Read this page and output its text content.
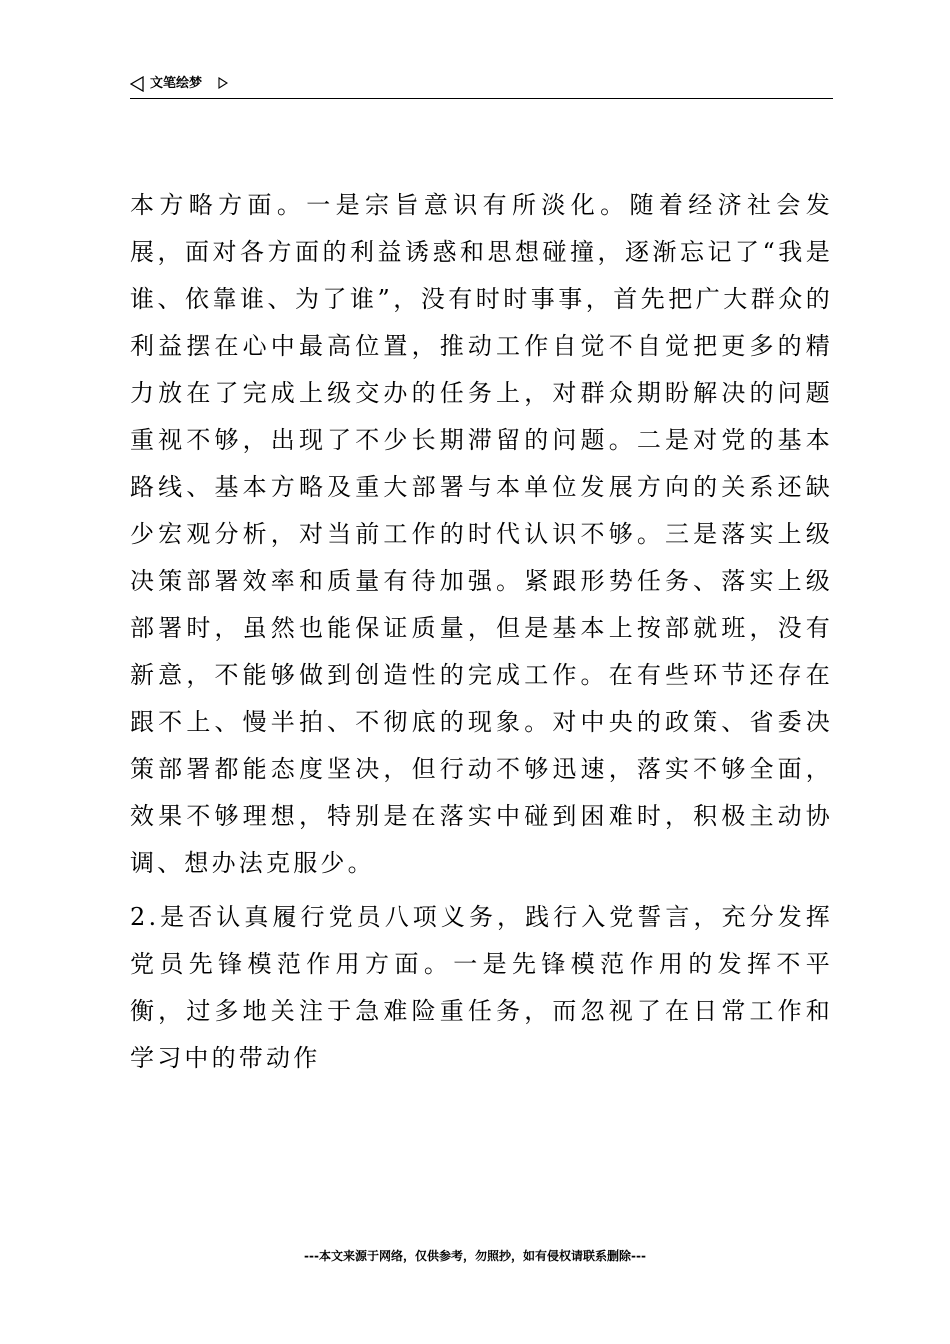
文笔绘梦

本方略方面。一是宗旨意识有所淡化。随着经济社会发展，面对各方面的利益诱惑和思想碰撞，逐渐忘记了“我是谁、依靠谁、为了谁”，没有时时事事，首先把广大群众的利益摆在心中最高位置，推动工作自觉不自觉把更多的精力放在了完成上级交办的任务上，对群众期盼解决的问题重视不够，出现了不少长期滞留的问题。二是对党的基本路线、基本方略及重大部署与本单位发展方向的关系还缺少宏观分析，对当前工作的时代认识不够。三是落实上级决策部署效率和质量有待加强。紧跟形势任务、落实上级部署时，虽然也能保证质量，但是基本上按部就班，没有新意，不能够做到创造性的完成工作。在有些环节还存在跟不上、慢半拍、不彻底的现象。对中央的政策、省委决策部署都能态度坚决，但行动不够迅速，落实不够全面，效果不够理想，特别是在落实中碰到困难时，积极主动协调、想办法克服少。

2.是否认真履行党员八项义务，践行入党誓言，充分发挥党员先锋模范作用方面。一是先锋模范作用的发挥不平衡，过多地关注于急难险重任务，而忽视了在日常工作和学习中的带动作

---本文来源于网络，仅供参考，勿照抄，如有侵权请联系删除---
